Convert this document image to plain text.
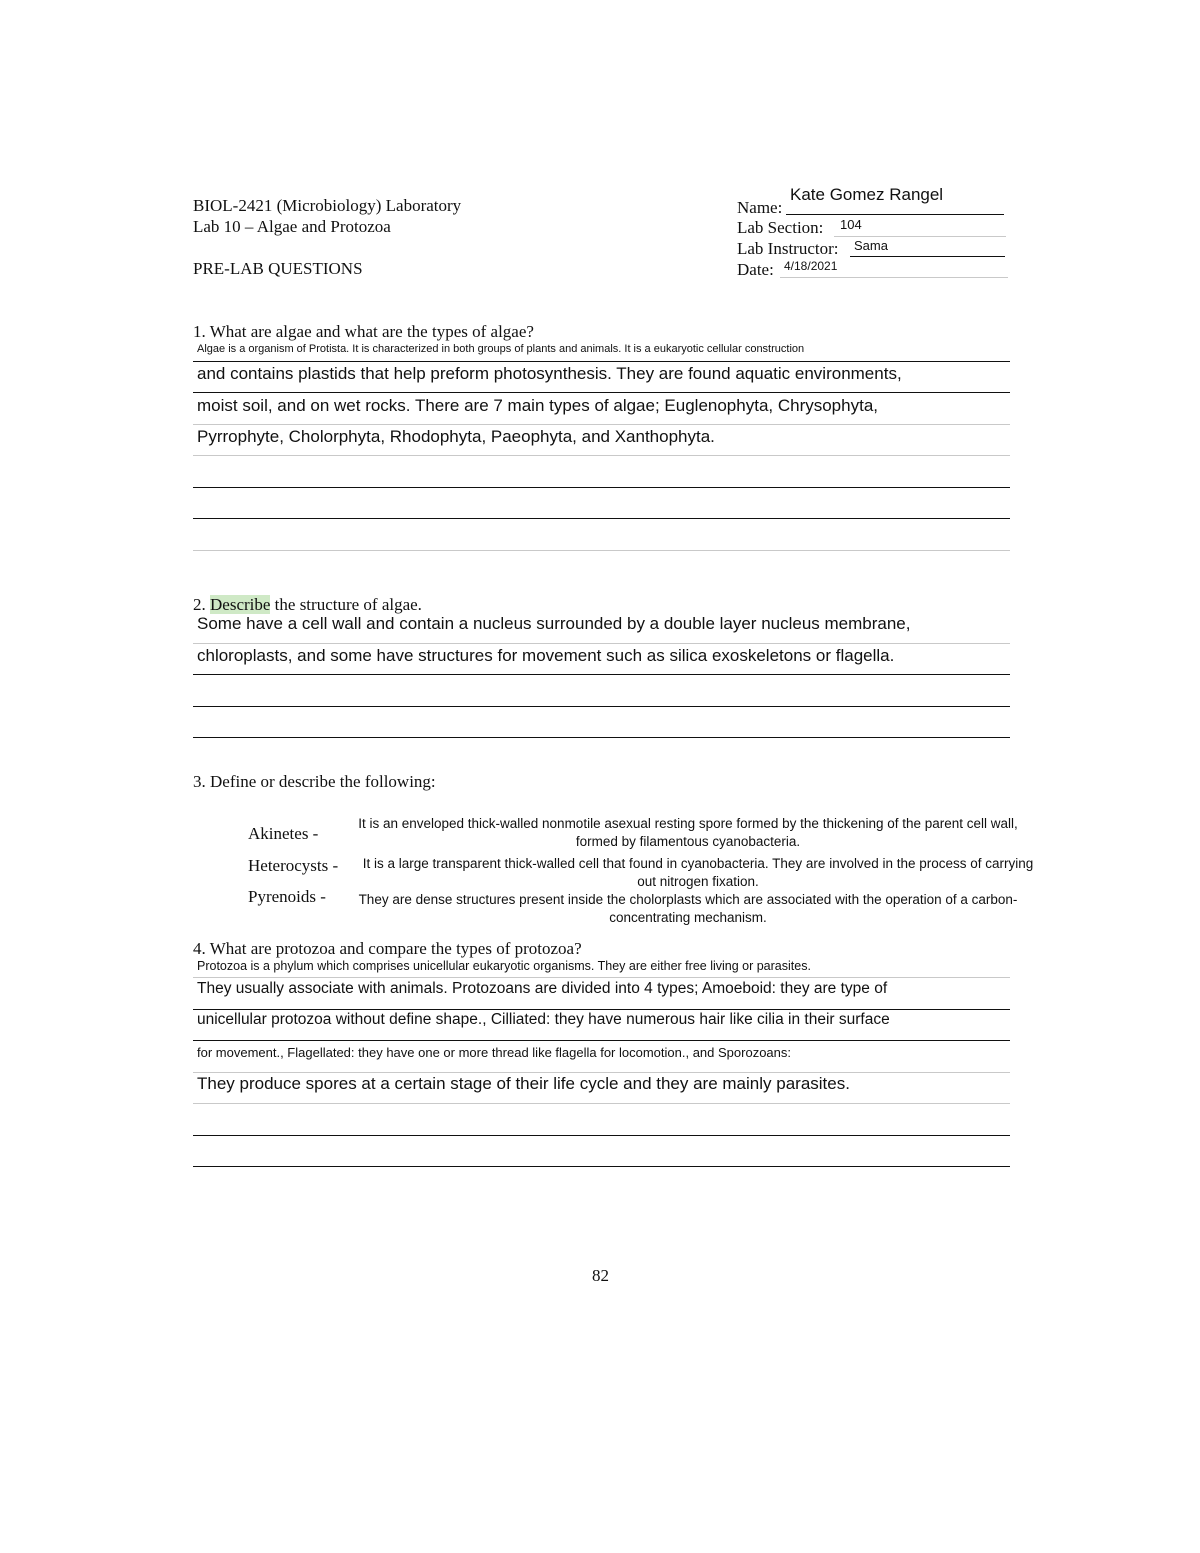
BIOL-2421 (Microbiology) Laboratory
Lab 10 – Algae and Protozoa
PRE-LAB QUESTIONS
Name:
Kate Gomez Rangel
Lab Section: 104
Lab Instructor: Sama
Date: 4/18/2021
1. What are algae and what are the types of algae?
Algae is a organism of Protista. It is characterized in both groups of plants and animals. It is a eukaryotic cellular construction
and contains plastids that help preform photosynthesis. They are found aquatic environments,
moist soil, and on wet rocks. There are 7 main types of algae; Euglenophyta, Chrysophyta,
Pyrrophyte, Cholorphyta, Rhodophyta, Paeophyta, and Xanthophyta.
2. Describe the structure of algae.
Some have a cell wall and contain a nucleus surrounded by a double layer nucleus membrane,
chloroplasts, and some have structures for movement such as silica exoskeletons or flagella.
3. Define or describe the following:
Akinetes -
It is an enveloped thick-walled nonmotile asexual resting spore formed by the thickening of the parent cell wall, formed by filamentous cyanobacteria.
Heterocysts - It is a large transparent thick-walled cell that found in cyanobacteria. They are involved in the process of carrying out nitrogen fixation.
Pyrenoids -	They are dense structures present inside the cholorplasts which are associated with the operation of a carbon-concentrating mechanism.
4. What are protozoa and compare the types of protozoa?
Protozoa is a phylum which comprises unicellular eukaryotic organisms. They are either free living or parasites.
They usually associate with animals. Protozoans are divided into 4 types; Amoeboid: they are type of
unicellular protozoa without define shape., Cilliated: they have numerous hair like cilia in their surface
for movement., Flagellated: they have one or more thread like flagella for locomotion., and Sporozoans:
They produce spores at a certain stage of their life cycle and they are mainly parasites.
82
